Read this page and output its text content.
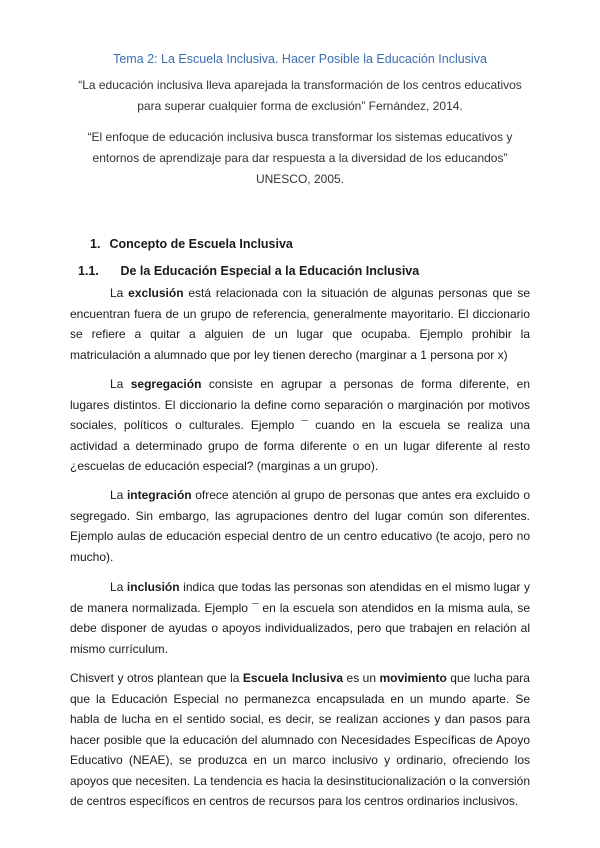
Tema 2: La Escuela Inclusiva. Hacer Posible la Educación Inclusiva
“La educación inclusiva lleva aparejada la transformación de los centros educativos para superar cualquier forma de exclusión” Fernández, 2014.
“El enfoque de educación inclusiva busca transformar los sistemas educativos y entornos de aprendizaje para dar respuesta a la diversidad de los educandos”
UNESCO, 2005.
1. Concepto de Escuela Inclusiva
1.1. De la Educación Especial a la Educación Inclusiva
La exclusión está relacionada con la situación de algunas personas que se encuentran fuera de un grupo de referencia, generalmente mayoritario. El diccionario se refiere a quitar a alguien de un lugar que ocupaba. Ejemplo prohibir la matriculación a alumnado que por ley tienen derecho (marginar a 1 persona por x)
La segregación consiste en agrupar a personas de forma diferente, en lugares distintos. El diccionario la define como separación o marginación por motivos sociales, políticos o culturales. Ejemplo ¯ cuando en la escuela se realiza una actividad a determinado grupo de forma diferente o en un lugar diferente al resto ¿escuelas de educación especial? (marginas a un grupo).
La integración ofrece atención al grupo de personas que antes era excluido o segregado. Sin embargo, las agrupaciones dentro del lugar común son diferentes. Ejemplo aulas de educación especial dentro de un centro educativo (te acojo, pero no mucho).
La inclusión indica que todas las personas son atendidas en el mismo lugar y de manera normalizada. Ejemplo ¯ en la escuela son atendidos en la misma aula, se debe disponer de ayudas o apoyos individualizados, pero que trabajen en relación al mismo currículum.
Chisvert y otros plantean que la Escuela Inclusiva es un movimiento que lucha para que la Educación Especial no permanezca encapsulada en un mundo aparte. Se habla de lucha en el sentido social, es decir, se realizan acciones y dan pasos para hacer posible que la educación del alumnado con Necesidades Específicas de Apoyo Educativo (NEAE), se produzca en un marco inclusivo y ordinario, ofreciendo los apoyos que necesiten. La tendencia es hacia la desinstitucionalización o la conversión de centros específicos en centros de recursos para los centros ordinarios inclusivos.
